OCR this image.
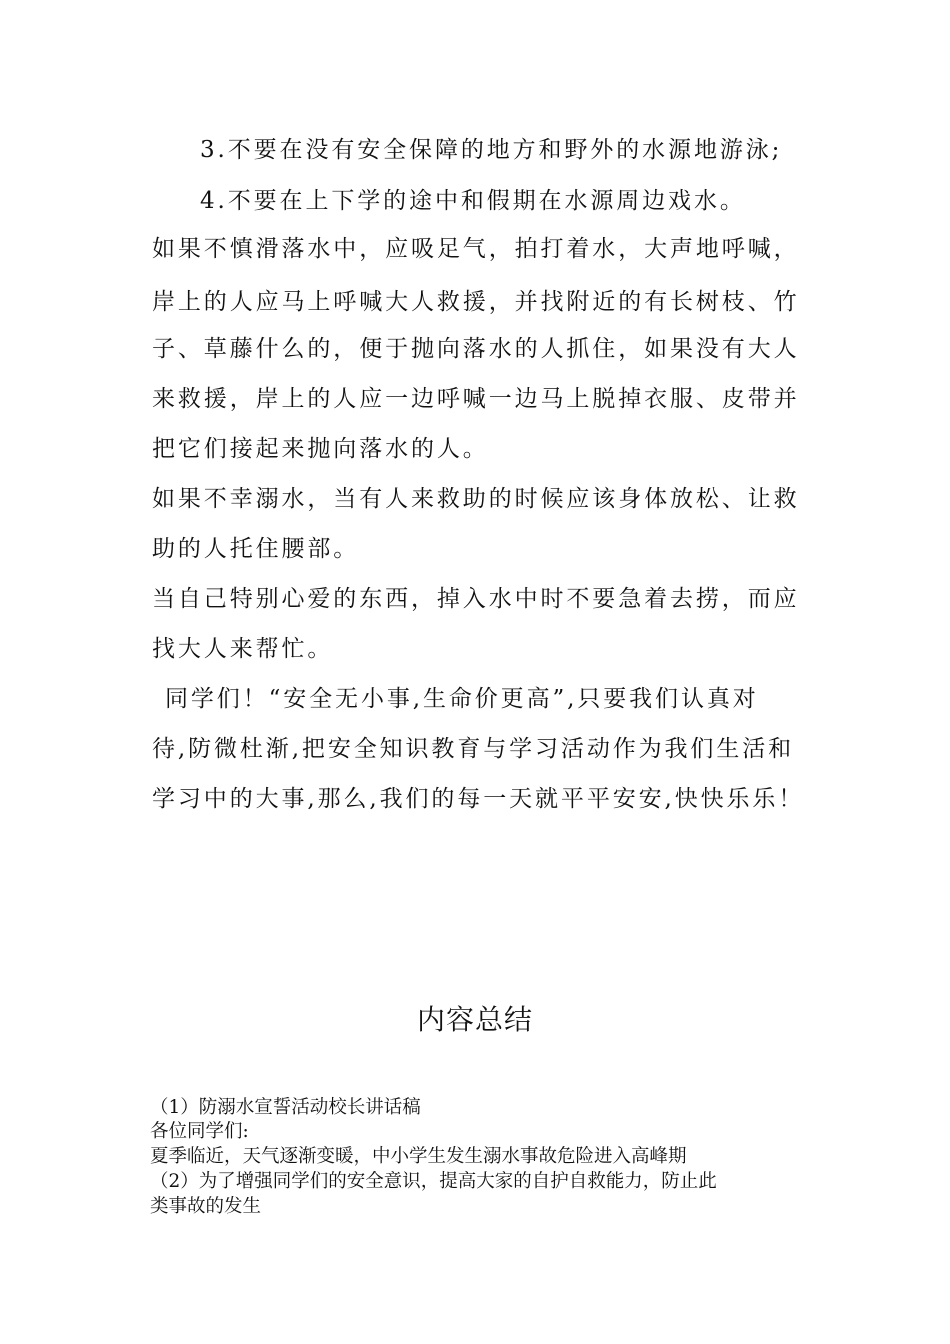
3.不要在没有安全保障的地方和野外的水源地游泳;
4.不要在上下学的途中和假期在水源周边戏水。
如果不慎滑落水中，应吸足气，拍打着水，大声地呼喊，
岸上的人应马上呼喊大人救援，并找附近的有长树枝、竹
子、草藤什么的，便于抛向落水的人抓住，如果没有大人
来救援，岸上的人应一边呼喊一边马上脱掉衣服、皮带并
把它们接起来抛向落水的人。
如果不幸溺水，当有人来救助的时候应该身体放松、让救
助的人托住腰部。
当自己特别心爱的东西，掉入水中时不要急着去捞，而应
找大人来帮忙。
同学们！“安全无小事,生命价更高”,只要我们认真对
待,防微杜渐,把安全知识教育与学习活动作为我们生活和
学习中的大事,那么,我们的每一天就平平安安,快快乐乐！
内容总结
（1）防溺水宣誓活动校长讲话稿
各位同学们:
夏季临近，天气逐渐变暖，中小学生发生溺水事故危险进入高峰期
（2）为了增强同学们的安全意识，提高大家的自护自救能力，防止此
类事故的发生
